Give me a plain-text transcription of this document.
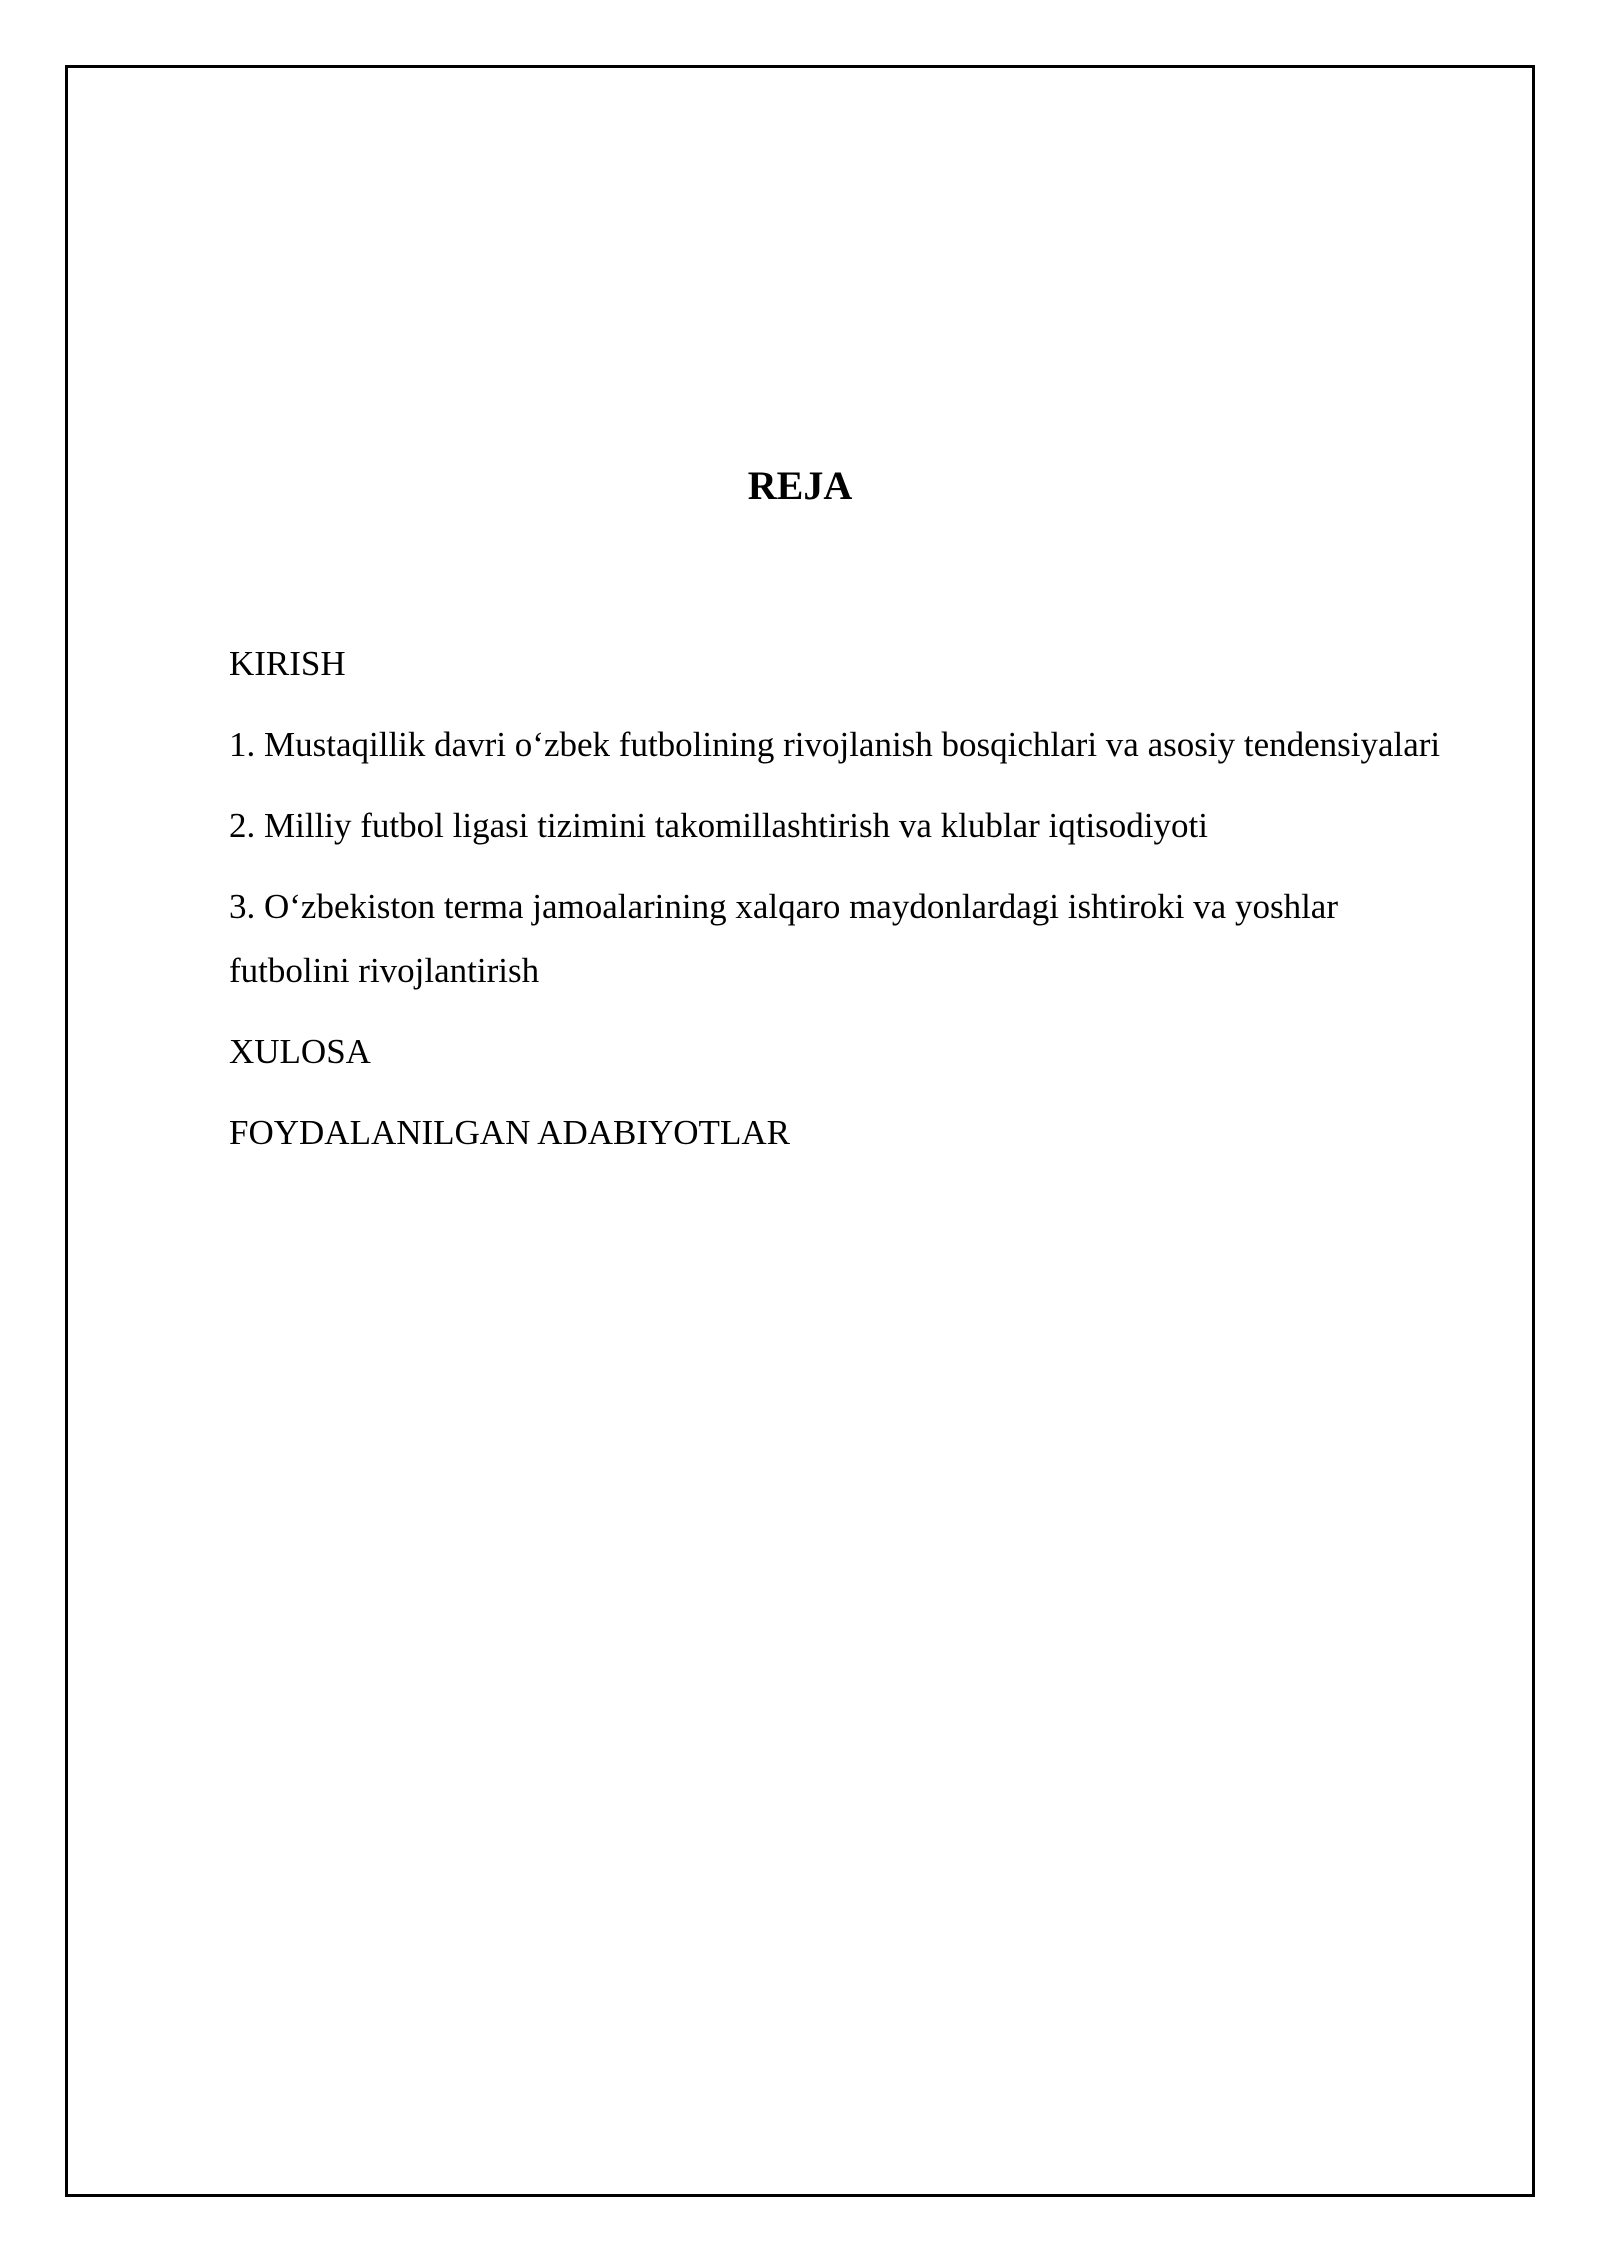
REJA
KIRISH
1. Mustaqillik davri o‘zbek futbolining rivojlanish bosqichlari va asosiy tendensiyalari
2. Milliy futbol ligasi tizimini takomillashtirish va klublar iqtisodiyoti
3. O‘zbekiston terma jamoalarining xalqaro maydonlardagi ishtiroki va yoshlar futbolini rivojlantirish
XULOSA
FOYDALANILGAN ADABIYOTLAR
